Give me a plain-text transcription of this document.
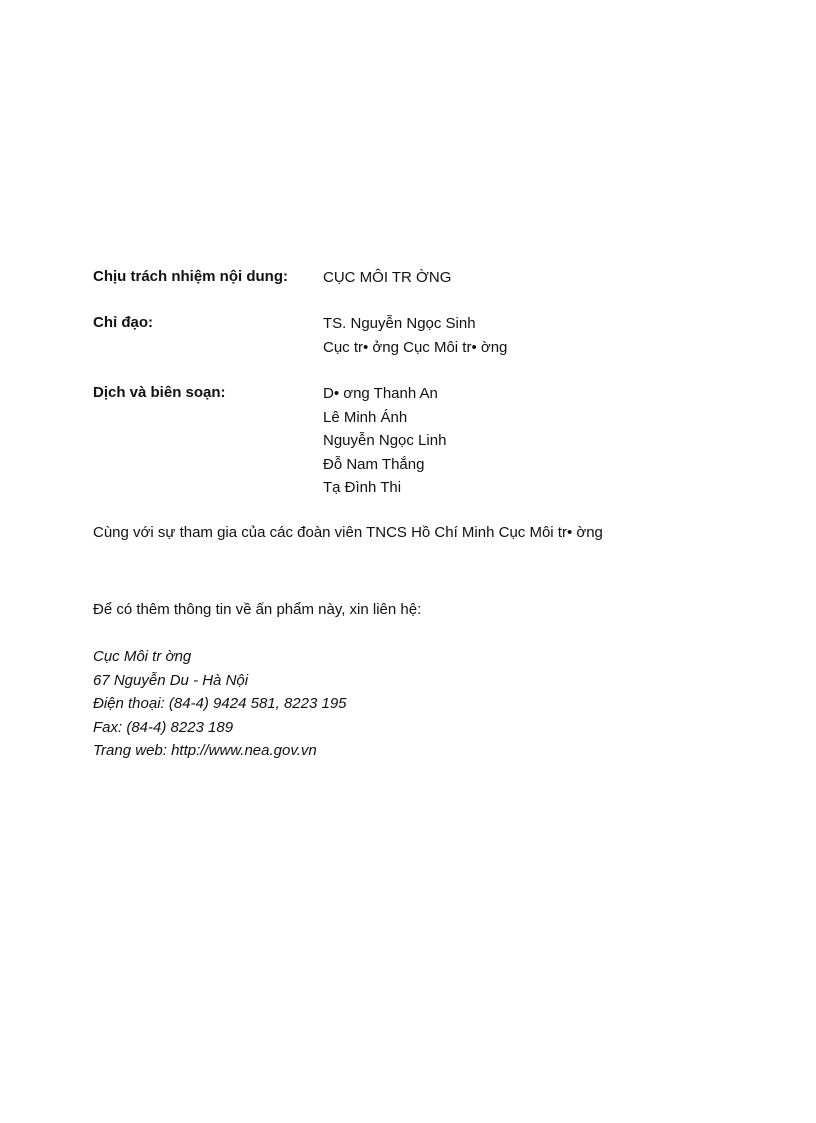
Chịu trách nhiệm nội dung: CỤC MÔI TR ỜNG
Chỉ đạo:	TS. Nguyễn Ngọc Sinh
Cục tr• ởng Cục Môi tr• ờng
Dịch và biên soạn:	D• ơng Thanh An
Lê Minh Ánh
Nguyễn Ngọc Linh
Đỗ Nam Thắng
Tạ Đình Thi
Cùng với sự tham gia của các đoàn viên TNCS Hồ Chí Minh Cục Môi tr• ờng
Để có thêm thông tin về ấn phẩm này, xin liên hệ:
Cục Môi tr ờng
67 Nguyễn Du - Hà Nội
Điện thoại: (84-4) 9424 581, 8223 195
Fax: (84-4) 8223 189
Trang web: http://www.nea.gov.vn
